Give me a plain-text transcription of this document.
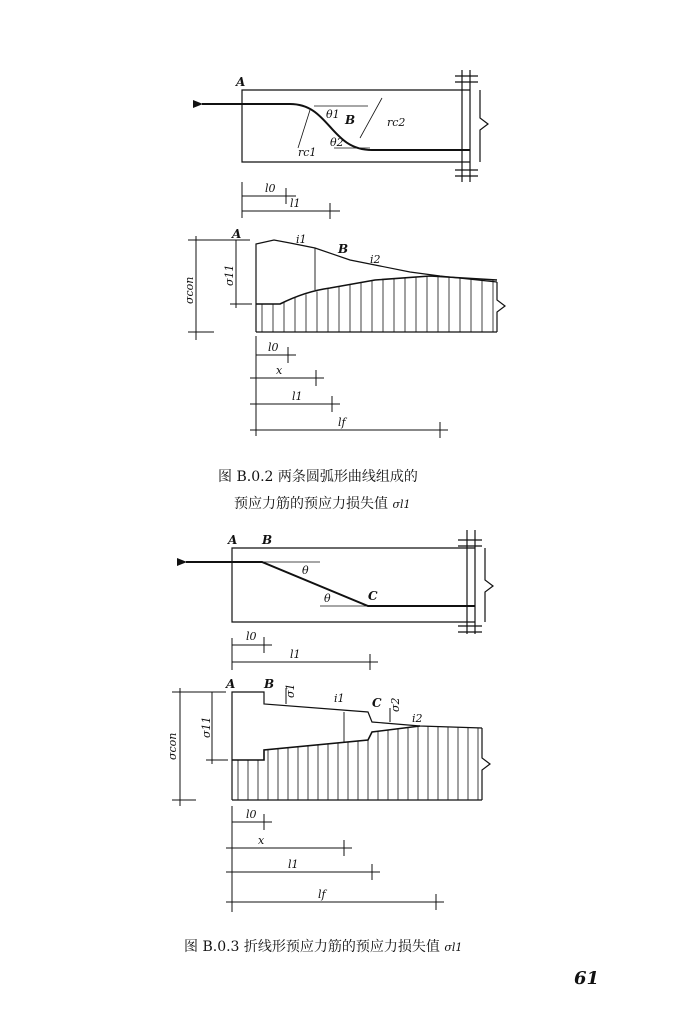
A
θ1 B
θ2
rc2
rc1
l0
l1
A	i1
B
i2
σ11
σcon
l0
x
l1
lf
A B
θ
θ	C
l0
l1
A B σ1
i1 C σ2
i2
σ11
σcon
l0
x
l1
lf
图 B.0.2 两条圆弧形曲线组成的
预应力筋的预应力损失值 σl1
图 B.0.3 折线形预应力筋的预应力损失值 σl1
61
